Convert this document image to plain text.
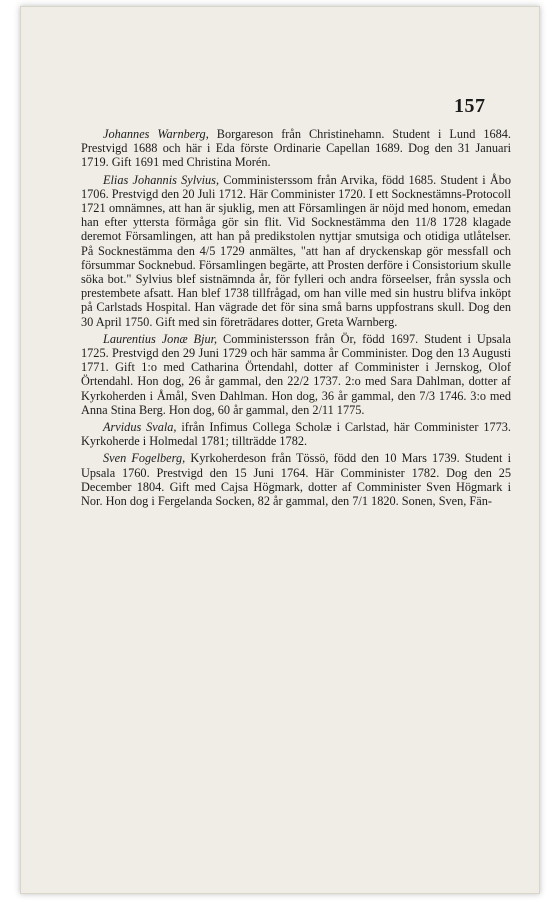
157

Johannes Warnberg, Borgareson från Christinehamn. Student i Lund 1684. Prestvigd 1688 och här i Eda förste Ordinarie Capellan 1689. Dog den 31 Januari 1719. Gift 1691 med Christina Morén.

Elias Johannis Sylvius, Comministerssom från Arvika, född 1685. Student i Åbo 1706. Prestvigd den 20 Juli 1712. Här Comminister 1720. I ett Socknestämns-Protocoll 1721 omnämnes, att han är sjuklig, men att Församlingen är nöjd med honom, emedan han efter yttersta förmåga gör sin flit. Vid Socknestämma den 11/8 1728 klagade deremot Församlingen, att han på predikstolen nyttjar smutsiga och otidiga utlåtelser. På Socknestämma den 4/5 1729 anmältes, "att han af dryckenskap gör messfall och försummar Socknebud. Församlingen begärte, att Prosten derföre i Consistorium skulle söka bot." Sylvius blef sistnämnda år, för fylleri och andra förseelser, från syssla och prestembete afsatt. Han blef 1738 tillfrågad, om han ville med sin hustru blifva inköpt på Carlstads Hospital. Han vägrade det för sina små barns uppfostrans skull. Dog den 30 April 1750. Gift med sin företrädares dotter, Greta Warnberg.

Laurentius Jonæ Bjur, Comministersson från Ör, född 1697. Student i Upsala 1725. Prestvigd den 29 Juni 1729 och här samma år Comminister. Dog den 13 Augusti 1771. Gift 1:o med Catharina Örtendahl, dotter af Comminister i Jernskog, Olof Örtendahl. Hon dog, 26 år gammal, den 22/2 1737. 2:o med Sara Dahlman, dotter af Kyrkoherden i Åmål, Sven Dahlman. Hon dog, 36 år gammal, den 7/3 1746. 3:o med Anna Stina Berg. Hon dog, 60 år gammal, den 2/11 1775.

Arvidus Svala, ifrån Infimus Collega Scholæ i Carlstad, här Comminister 1773. Kyrkoherde i Holmedal 1781; tillträdde 1782.

Sven Fogelberg, Kyrkoherdeson från Tössö, född den 10 Mars 1739. Student i Upsala 1760. Prestvigd den 15 Juni 1764. Här Comminister 1782. Dog den 25 December 1804. Gift med Cajsa Högmark, dotter af Comminister Sven Högmark i Nor. Hon dog i Fergelanda Socken, 82 år gammal, den 7/1 1820. Sonen, Sven, Fän-
